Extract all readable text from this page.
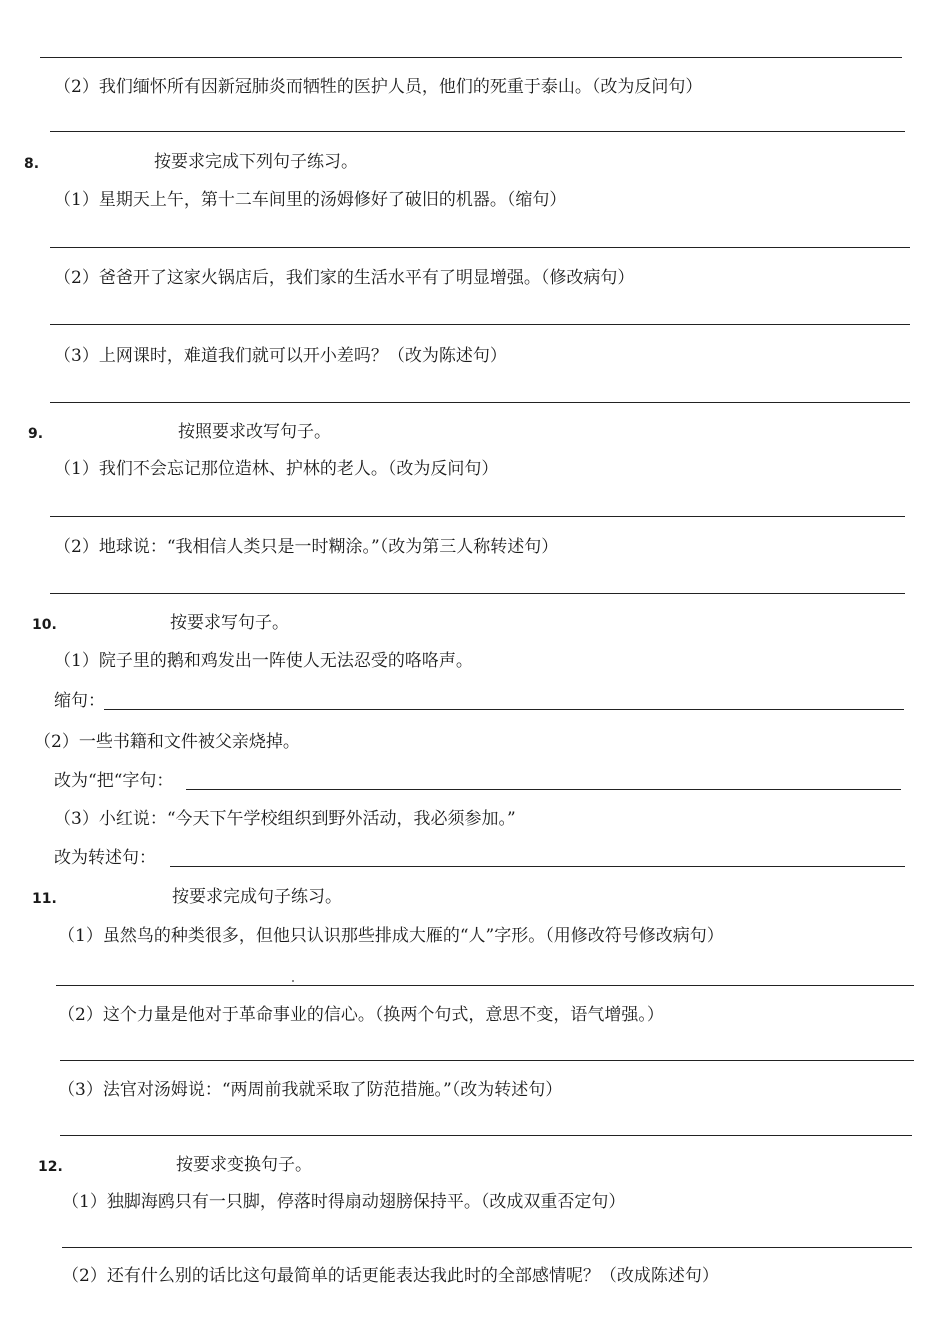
（2）我们缅怀所有因新冠肺炎而牺牲的医护人员，他们的死重于泰山。（改为反问句）
8.	按要求完成下列句子练习。
（1）星期天上午，第十二车间里的汤姆修好了破旧的机器。（缩句）
（2）爸爸开了这家火锅店后，我们家的生活水平有了明显增强。（修改病句）
（3）上网课时，难道我们就可以开小差吗？（改为陈述句）
9.	按照要求改写句子。
（1）我们不会忘记那位造林、护林的老人。（改为反问句）
（2）地球说：“我相信人类只是一时糊涂。”（改为第三人称转述句）
10.	按要求写句子。
（1）院子里的鹅和鸡发出一阵使人无法忍受的咯咯声。
缩句：
（2）一些书籍和文件被父亲烧掉。
改为“把“字句：
（3）小红说：“今天下午学校组织到野外活动，我必须参加。”
改为转述句：
11.	按要求完成句子练习。
（1）虽然鸟的种类很多，但他只认识那些排成大雁的“人”字形。（用修改符号修改病句）
（2）这个力量是他对于革命事业的信心。（换两个句式，意思不变，语气增强。）
（3）法官对汤姆说：“两周前我就采取了防范措施。”（改为转述句）
12.	按要求变换句子。
（1）独脚海鸥只有一只脚，停落时得扇动翅膀保持平。（改成双重否定句）
（2）还有什么别的话比这句最简单的话更能表达我此时的全部感情呢？（改成陈述句）
